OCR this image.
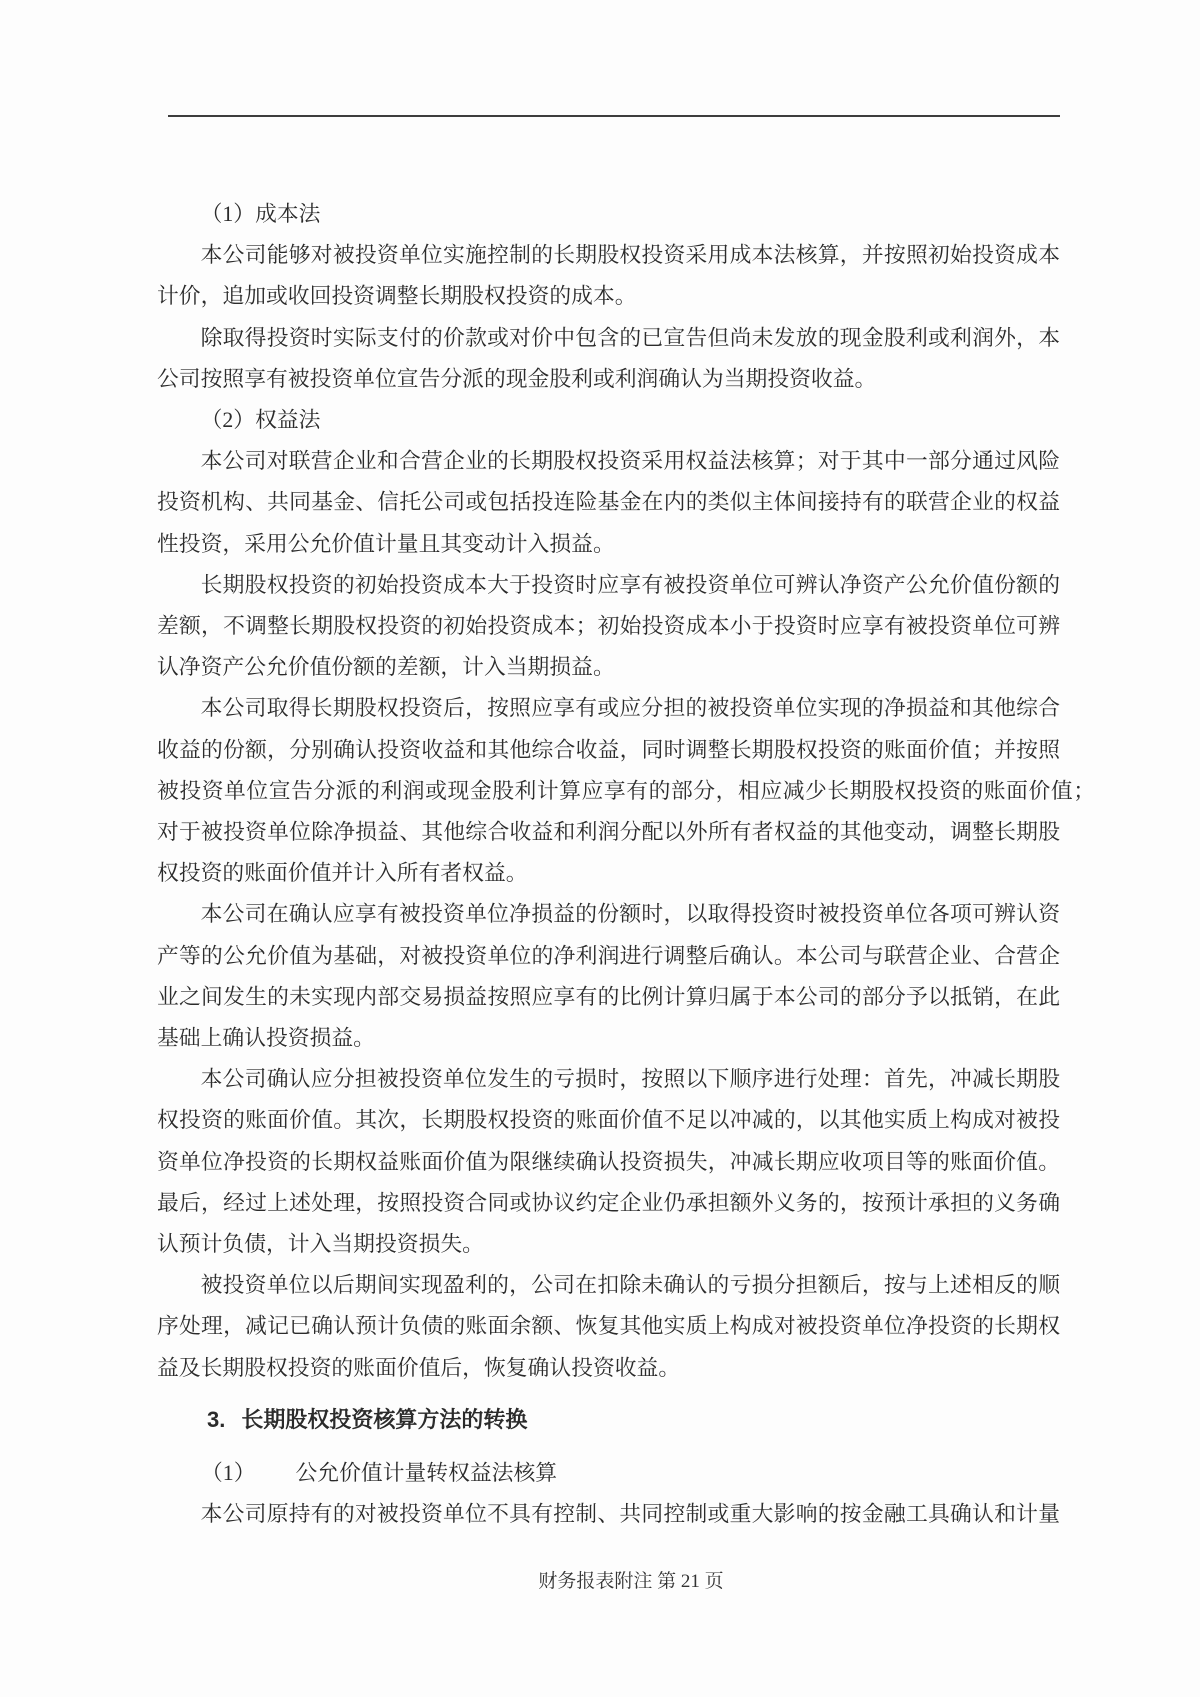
（1）成本法
本公司能够对被投资单位实施控制的长期股权投资采用成本法核算，并按照初始投资成本
计价，追加或收回投资调整长期股权投资的成本。
除取得投资时实际支付的价款或对价中包含的已宣告但尚未发放的现金股利或利润外，本
公司按照享有被投资单位宣告分派的现金股利或利润确认为当期投资收益。
（2）权益法
本公司对联营企业和合营企业的长期股权投资采用权益法核算；对于其中一部分通过风险
投资机构、共同基金、信托公司或包括投连险基金在内的类似主体间接持有的联营企业的权益
性投资，采用公允价值计量且其变动计入损益。
长期股权投资的初始投资成本大于投资时应享有被投资单位可辨认净资产公允价值份额的
差额，不调整长期股权投资的初始投资成本；初始投资成本小于投资时应享有被投资单位可辨
认净资产公允价值份额的差额，计入当期损益。
本公司取得长期股权投资后，按照应享有或应分担的被投资单位实现的净损益和其他综合
收益的份额，分别确认投资收益和其他综合收益，同时调整长期股权投资的账面价值；并按照
被投资单位宣告分派的利润或现金股利计算应享有的部分，相应减少长期股权投资的账面价值；
对于被投资单位除净损益、其他综合收益和利润分配以外所有者权益的其他变动，调整长期股
权投资的账面价值并计入所有者权益。
本公司在确认应享有被投资单位净损益的份额时，以取得投资时被投资单位各项可辨认资
产等的公允价值为基础，对被投资单位的净利润进行调整后确认。本公司与联营企业、合营企
业之间发生的未实现内部交易损益按照应享有的比例计算归属于本公司的部分予以抵销，在此
基础上确认投资损益。
本公司确认应分担被投资单位发生的亏损时，按照以下顺序进行处理：首先，冲减长期股
权投资的账面价值。其次，长期股权投资的账面价值不足以冲减的，以其他实质上构成对被投
资单位净投资的长期权益账面价值为限继续确认投资损失，冲减长期应收项目等的账面价值。
最后，经过上述处理，按照投资合同或协议约定企业仍承担额外义务的，按预计承担的义务确
认预计负债，计入当期投资损失。
被投资单位以后期间实现盈利的，公司在扣除未确认的亏损分担额后，按与上述相反的顺
序处理，减记已确认预计负债的账面余额、恢复其他实质上构成对被投资单位净投资的长期权
益及长期股权投资的账面价值后，恢复确认投资收益。
3. 长期股权投资核算方法的转换
（1） 公允价值计量转权益法核算
本公司原持有的对被投资单位不具有控制、共同控制或重大影响的按金融工具确认和计量
财务报表附注 第 21 页
